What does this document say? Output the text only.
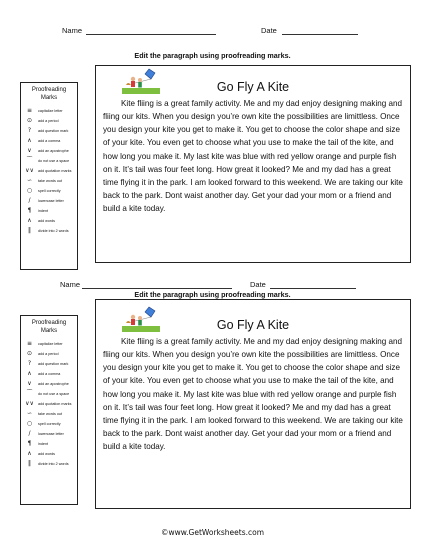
Name	Date
Edit the paragraph using proofreading marks.
Proofreading
Marks
≡	capitalize letter
⊙	add a period
?	add question mark
∧	add a comma
∨	add an apostrophe
⁀	do not use a space
∨∨ add quotation marks
∽	take words out
○	spell correctly
/	lowercase letter
¶	indent
∧	add words
‖	divide into 2 words
Go Fly A Kite
Kite fliing is a great family activity. Me and my dad enjoy designing making and fliing our kits. When you design you’re own kite the possibilities are limittless. Once you design your kite you get to make it. You get to choose the color shape and size of your kite. You even get to choose what you use to make the tail of the kite, and how long you make it. My last kite was blue with red yellow orange and purple fish on it. It’s tail was four feet long. How great it looked? Me and my dad has a great time flying it in the park. I am looked forward to this weekend. We are taking our kite back to the park. Dont waist another day. Get your dad your mom or a friend and build a kite today.
Name	Date
Edit the paragraph using proofreading marks.
Proofreading
Marks
≡	capitalize letter
⊙	add a period
?	add question mark
∧	add a comma
∨	add an apostrophe
⁀	do not use a space
∨∨ add quotation marks
∽	take words out
○	spell correctly
/	lowercase letter
¶	indent
∧	add words
‖	divide into 2 words
Go Fly A Kite
Kite fliing is a great family activity. Me and my dad enjoy designing making and fliing our kits. When you design you’re own kite the possibilities are limittless. Once you design your kite you get to make it. You get to choose the color shape and size of your kite. You even get to choose what you use to make the tail of the kite, and how long you make it. My last kite was blue with red yellow orange and purple fish on it. It’s tail was four feet long. How great it looked? Me and my dad has a great time flying it in the park. I am looked forward to this weekend. We are taking our kite back to the park. Dont waist another day. Get your dad your mom or a friend and build a kite today.
©www.GetWorksheets.com
